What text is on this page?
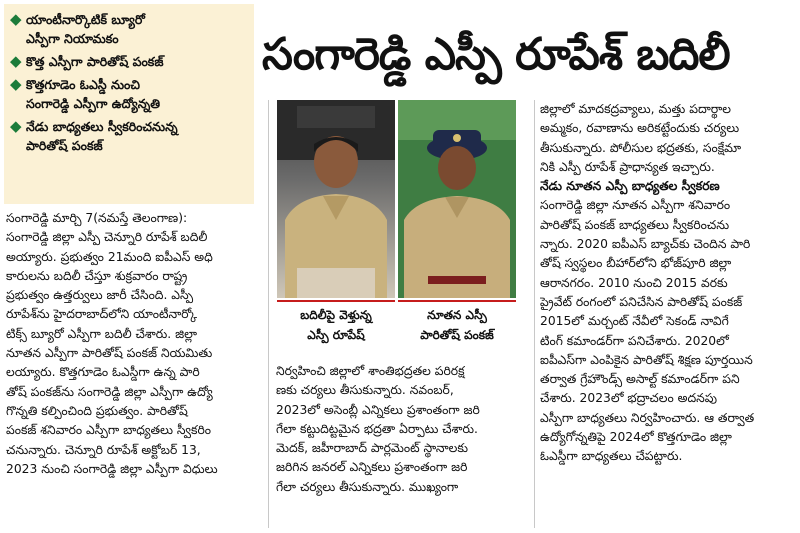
◆ యాంటీనార్కొటిక్ బ్యూరో
ఎస్పీగా నియామకం
◆ కొత్త ఎస్పీగా పారితోష్ పంకజ్
◆ కొత్తగూడెం ఓఎస్డీ నుంచి
సంగారెడ్డి ఎస్పీగా ఉద్యోన్నతి
◆ నేడు బాధ్యతలు స్వీకరించనున్న
పారితోష్ పంకజ్
సంగారెడ్డి ఎస్పీ రూపేశ్ బదిలీ
బదిలీపై వెళ్తున్న
ఎస్పీ రూపేష్
నూతన ఎస్పీ
పారితోష్ పంకజ్
సంగారెడ్డి మార్చి 7(నమస్తే తెలంగాణ):
సంగారెడ్డి జిల్లా ఎస్పీ చెన్నూరి రూపేశ్ బదిలీ
అయ్యారు. ప్రభుత్వం 21మంది ఐపీఎస్ అధి
కారులను బదిలీ చేస్తూ శుక్రవారం రాష్ట్ర
ప్రభుత్వం ఉత్తర్వులు జారీ చేసింది. ఎస్పీ
రూపేశ్‌ను హైదరాబాద్‌లోని యాంటీనార్కో
టిక్స్ బ్యూరో ఎస్పీగా బదిలీ చేశారు. జిల్లా
నూతన ఎస్పీగా పారితోష్ పంకజ్ నియమితు
లయ్యారు. కొత్తగూడెం ఓఎస్డీగా ఉన్న పారి
తోష్ పంకజ్‌ను సంగారెడ్డి జిల్లా ఎస్పీగా ఉద్యో
గొన్నతి కల్పించింది ప్రభుత్వం. పారితోష్
పంకజ్ శనివారం ఎస్పీగా బాధ్యతలు స్వీకరిం
చనున్నారు. చెన్నూరి రూపేశ్ అక్టోబర్ 13,
2023 నుంచి సంగారెడ్డి జిల్లా ఎస్పీగా విధులు
నిర్వహించి జిల్లాలో శాంతిభద్రతల పరిరక్ష
ణకు చర్యలు తీసుకున్నారు. నవంబర్,
2023లో అసెంబ్లీ ఎన్నికలు ప్రశాంతంగా జరి
గేలా కట్టుదిట్టమైన భద్రతా ఏర్పాటు చేశారు.
మెదక్, జహీరాబాద్ పార్లమెంట్ స్థానాలకు
జరిగిన జనరల్ ఎన్నికలు ప్రశాంతంగా జరి
గేలా చర్యలు తీసుకున్నారు. ముఖ్యంగా
జిల్లాలో మాదకద్రవ్యాలు, మత్తు పదార్థాల
అమ్మకం, రవాణాను అరికట్టేందుకు చర్యలు
తీసుకున్నారు. పోలీసుల భద్రతకు, సంక్షేమా
నికి ఎస్పీ రూపేశ్ ప్రాధాన్యత ఇచ్చారు.
నేడు నూతన ఎస్పీ బాధ్యతల స్వీకరణ
సంగారెడ్డి జిల్లా నూతన ఎస్పీగా శనివారం
పారితోష్ పంకజ్ బాధ్యతలు స్వీకరించను
న్నారు. 2020 ఐపీఎస్ బ్యాచ్‌కు చెందిన పారి
తోష్ స్వస్థలం బీహార్‌లోని భోజ్‌పూరి జిల్లా
ఆరానగరం. 2010 నుంచి 2015 వరకు
ప్రైవేట్ రంగంలో పనిచేసిన పారితోష్ పంకజ్
2015లో మర్చంట్ నేవీలో సెకండ్ నావిగే
టింగ్ కమాండర్‌గా పనిచేశారు. 2020లో
ఐపీఎస్‌గా ఎంపికైన పారితోష్ శిక్షణ పూర్తయిన
తర్వాత గ్రేహౌండ్స్ అసాల్ట్ కమాండర్‌గా పని
చేశారు. 2023లో భద్రాచలం అదనపు
ఎస్పీగా బాధ్యతలు నిర్వహించారు. ఆ తర్వాత
ఉద్యోగోన్నతిపై 2024లో కొత్తగూడెం జిల్లా
ఓఎస్డీగా బాధ్యతలు చేపట్టారు.
